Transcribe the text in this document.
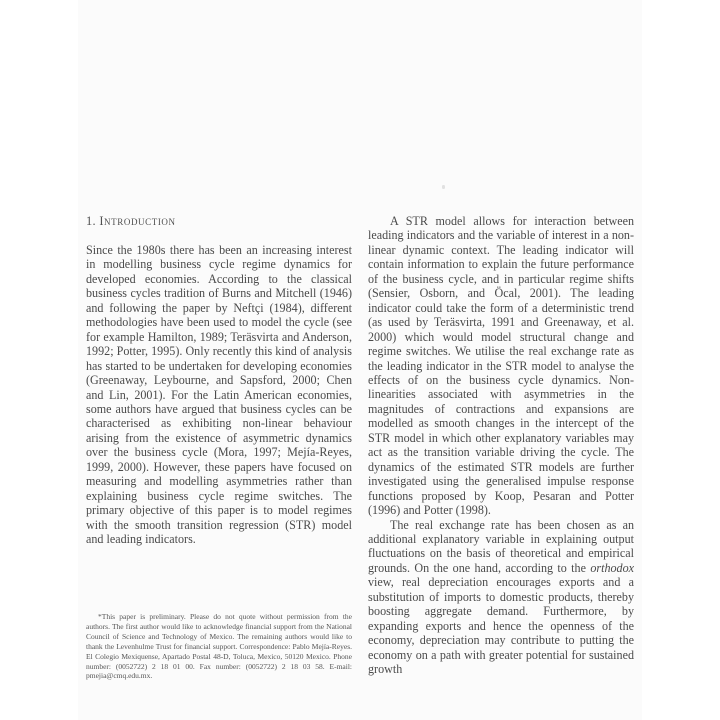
1. Introduction

Since the 1980s there has been an increasing interest in modelling business cycle regime dynamics for developed economies. According to the classical business cycles tradition of Burns and Mitchell (1946) and following the paper by Neftçi (1984), different methodologies have been used to model the cycle (see for example Hamilton, 1989; Teräsvirta and Anderson, 1992; Potter, 1995). Only recently this kind of analysis has started to be undertaken for developing economies (Greenaway, Leybourne, and Sapsford, 2000; Chen and Lin, 2001). For the Latin American economies, some authors have argued that business cycles can be characterised as exhibiting non-linear behaviour arising from the existence of asymmetric dynamics over the business cycle (Mora, 1997; Mejía-Reyes, 1999, 2000). However, these papers have focused on measuring and modelling asymmetries rather than explaining business cycle regime switches. The primary objective of this paper is to model regimes with the smooth transition regression (STR) model and leading indicators.

A STR model allows for interaction between leading indicators and the variable of interest in a non-linear dynamic context. The leading indicator will contain information to explain the future performance of the business cycle, and in particular regime shifts (Sensier, Osborn, and Öcal, 2001). The leading indicator could take the form of a deterministic trend (as used by Teräsvirta, 1991 and Greenaway, et al. 2000) which would model structural change and regime switches. We utilise the real exchange rate as the leading indicator in the STR model to analyse the effects of on the business cycle dynamics. Non-linearities associated with asymmetries in the magnitudes of contractions and expansions are modelled as smooth changes in the intercept of the STR model in which other explanatory variables may act as the transition variable driving the cycle. The dynamics of the estimated STR models are further investigated using the generalised impulse response functions proposed by Koop, Pesaran and Potter (1996) and Potter (1998).

The real exchange rate has been chosen as an additional explanatory variable in explaining output fluctuations on the basis of theoretical and empirical grounds. On the one hand, according to the orthodox view, real depreciation encourages exports and a substitution of imports to domestic products, thereby boosting aggregate demand. Furthermore, by expanding exports and hence the openness of the economy, depreciation may contribute to putting the economy on a path with greater potential for sustained growth

*This paper is preliminary. Please do not quote without permission from the authors. The first author would like to acknowledge financial support from the National Council of Science and Technology of Mexico. The remaining authors would like to thank the Levenhulme Trust for financial support. Correspondence: Pablo Mejía-Reyes. El Colegio Mexiquense, Apartado Postal 48-D, Toluca, Mexico, 50120 Mexico. Phone number: (0052722) 2 18 01 00. Fax number: (0052722) 2 18 03 58. E-mail: pmejia@cmq.edu.mx.
